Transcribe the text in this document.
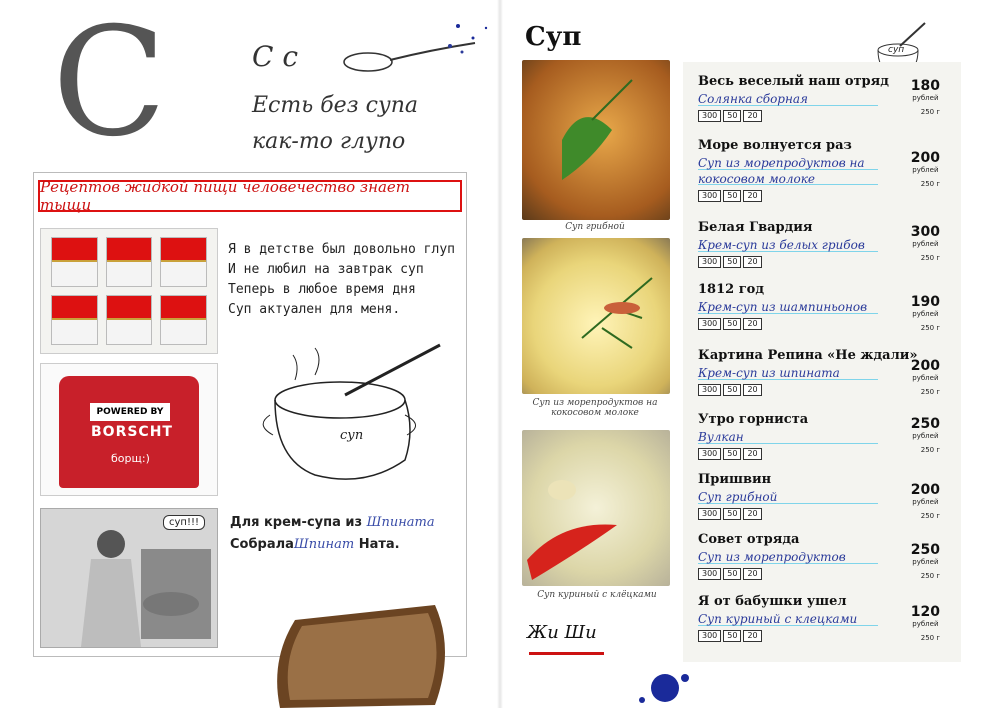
С	С с
Есть без супа
как-то глупо
Рецептов жидкой пищи человечество знает тыщи
Я в детстве был довольно глуп
И не любил на завтрак суп
Теперь в любое время дня
Суп актуален для меня.
POWERED BY
BORSCHT
борщ:)
суп
суп!!!	Для крем-супа из Шпината
СобралаШпинат Ната.
Суп	суп
Суп грибной
Суп из морепродуктов на кокосовом молоке
Суп куриный с клёцками
Жи Ши
Весь веселый наш отряд
Солянка сборная
300	50	20
180
рублей
250 г
Море волнуется раз
Суп из морепродуктов на кокосовом молоке
300	50	20
200
рублей
250 г
Белая Гвардия
Крем-суп из белых грибов
300	50	20
300
рублей
250 г
1812 год
Крем-суп из шампиньонов
300	50	20
190
рублей
250 г
Картина Репина «Не ждали»
Крем-суп из шпината
300	50	20
200
рублей
250 г
Утро горниста
Вулкан
300	50	20
250
рублей
250 г
Пришвин
Суп грибной
300	50	20
200
рублей
250 г
Совет отряда
Суп из морепродуктов
300	50	20
250
рублей
250 г
Я от бабушки ушел
Суп куриный с клецками
300	50	20
120
рублей
250 г
